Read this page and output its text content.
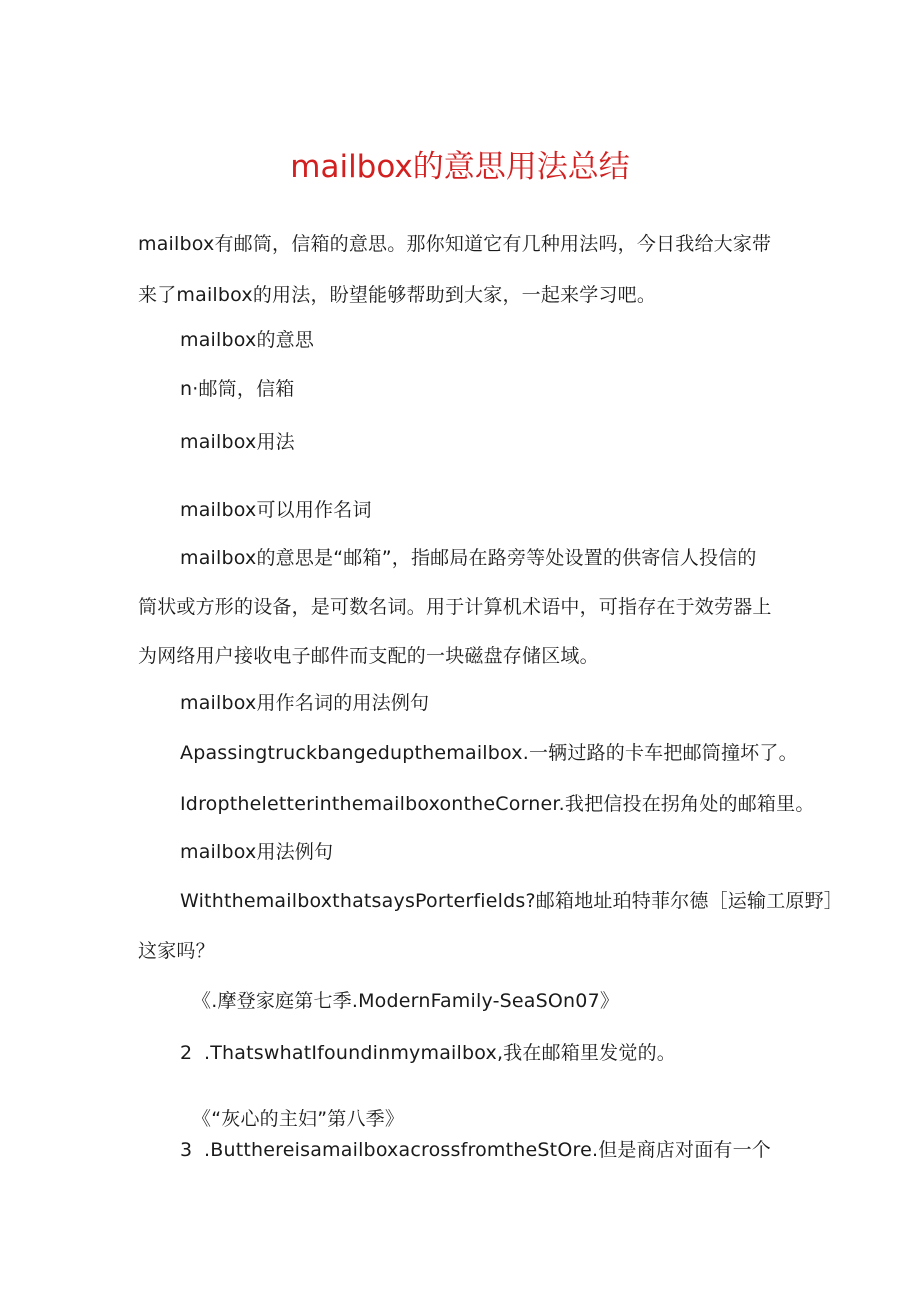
mailbox的意思用法总结
mailbox有邮筒，信箱的意思。那你知道它有几种用法吗，今日我给大家带
来了mailbox的用法，盼望能够帮助到大家，一起来学习吧。
mailbox的意思
n·邮筒，信箱
mailbox用法
mailbox可以用作名词
mailbox的意思是“邮箱”，指邮局在路旁等处设置的供寄信人投信的
筒状或方形的设备，是可数名词。用于计算机术语中，可指存在于效劳器上
为网络用户接收电子邮件而支配的一块磁盘存储区域。
mailbox用作名词的用法例句
Apassingtruckbangedupthemailbox.一辆过路的卡车把邮筒撞坏了。
IdroptheletterinthemailboxontheCorner.我把信投在拐角处的邮箱里。
mailbox用法例句
WiththemailboxthatsaysPorterfields?邮箱地址珀特菲尔德［运输工原野］
这家吗？
《.摩登家庭第七季.ModernFamily-SeaSOn07》
2 .ThatswhatIfoundinmymailbox,我在邮箱里发觉的。
《“灰心的主妇”第八季》
3 .ButthereisamailboxacrossfromtheStOre.但是商店对面有一个
